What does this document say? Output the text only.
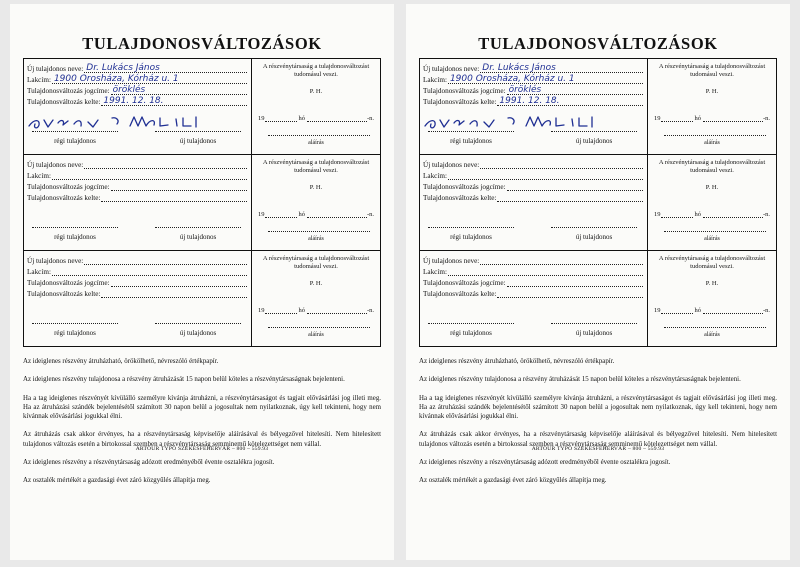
TULAJDONOSVÁLTOZÁSOK
Új tulajdonos neve: Dr. Lukács János
Lakcím: 1900 Orosháza, Kórház u. 1
Tulajdonosváltozás jogcíme: öröklés
Tulajdonosváltozás kelte: 1991. 12. 18.
régi tulajdonos	új tulajdonos
A részvénytársaság a tulajdonosváltozást tudomásul veszi.
P. H.
19	hó	-n.
aláírás
Új tulajdonos neve:
Lakcím:
Tulajdonosváltozás jogcíme:
Tulajdonosváltozás kelte:
régi tulajdonos	új tulajdonos
A részvénytársaság a tulajdonosváltozást tudomásul veszi.
P. H.
19	hó	-n.
aláírás
Új tulajdonos neve:
Lakcím:
Tulajdonosváltozás jogcíme:
Tulajdonosváltozás kelte:
régi tulajdonos	új tulajdonos
A részvénytársaság a tulajdonosváltozást tudomásul veszi.
P. H.
19	hó	-n.
aláírás

Az ideiglenes részvény átruházható, örökölhető, névreszóló értékpapír.

Az ideiglenes részvény tulajdonosa a részvény átruházását 15 napon belül köteles a részvénytársaságnak bejelenteni.

Ha a tag ideiglenes részvényét kívülálló személyre kívánja átruházni, a részvénytársaságot és tagjait elővásárlási jog illeti meg. Ha az átruházási szándék bejelentésétől számított 30 napon belül a jogosultak nem nyilatkoznak, úgy kell tekinteni, hogy nem kívánnak elővásárlási jogukkal élni.

Az átruházás csak akkor érvényes, ha a részvénytársaság képviselője aláírásával és bélyegzővel hitelesíti. Nem hitelesített tulajdonos változás esetén a birtokossal szemben a részvénytársaság semminemű kötelezettséget nem vállal.

Az ideiglenes részvény a részvénytársaság adózott eredményéből évente osztalékra jogosít.

Az osztalék mértékét a gazdasági évet záró közgyűlés állapítja meg.

ARTOUR TYPO SZÉKESFEHÉRVÁR – 800 – 559.93
TULAJDONOSVÁLTOZÁSOK
Új tulajdonos neve: Dr. Lukács János
Lakcím: 1900 Orosháza, Kórház u. 1
Tulajdonosváltozás jogcíme: öröklés
Tulajdonosváltozás kelte: 1991. 12. 18.
régi tulajdonos	új tulajdonos
A részvénytársaság a tulajdonosváltozást tudomásul veszi.
P. H.
19	hó	-n.
aláírás
Új tulajdonos neve:
Lakcím:
Tulajdonosváltozás jogcíme:
Tulajdonosváltozás kelte:
régi tulajdonos	új tulajdonos
A részvénytársaság a tulajdonosváltozást tudomásul veszi.
P. H.
19	hó	-n.
aláírás
Új tulajdonos neve:
Lakcím:
Tulajdonosváltozás jogcíme:
Tulajdonosváltozás kelte:
régi tulajdonos	új tulajdonos
A részvénytársaság a tulajdonosváltozást tudomásul veszi.
P. H.
19	hó	-n.
aláírás

Az ideiglenes részvény átruházható, örökölhető, névreszóló értékpapír.

Az ideiglenes részvény tulajdonosa a részvény átruházását 15 napon belül köteles a részvénytársaságnak bejelenteni.

Ha a tag ideiglenes részvényét kívülálló személyre kívánja átruházni, a részvénytársaságot és tagjait elővásárlási jog illeti meg. Ha az átruházási szándék bejelentésétől számított 30 napon belül a jogosultak nem nyilatkoznak, úgy kell tekinteni, hogy nem kívánnak elővásárlási jogukkal élni.

Az átruházás csak akkor érvényes, ha a részvénytársaság képviselője aláírásával és bélyegzővel hitelesíti. Nem hitelesített tulajdonos változás esetén a birtokossal szemben a részvénytársaság semminemű kötelezettséget nem vállal.

Az ideiglenes részvény a részvénytársaság adózott eredményéből évente osztalékra jogosít.

Az osztalék mértékét a gazdasági évet záró közgyűlés állapítja meg.

ARTOUR TYPO SZÉKESFEHÉRVÁR – 800 – 559.93
